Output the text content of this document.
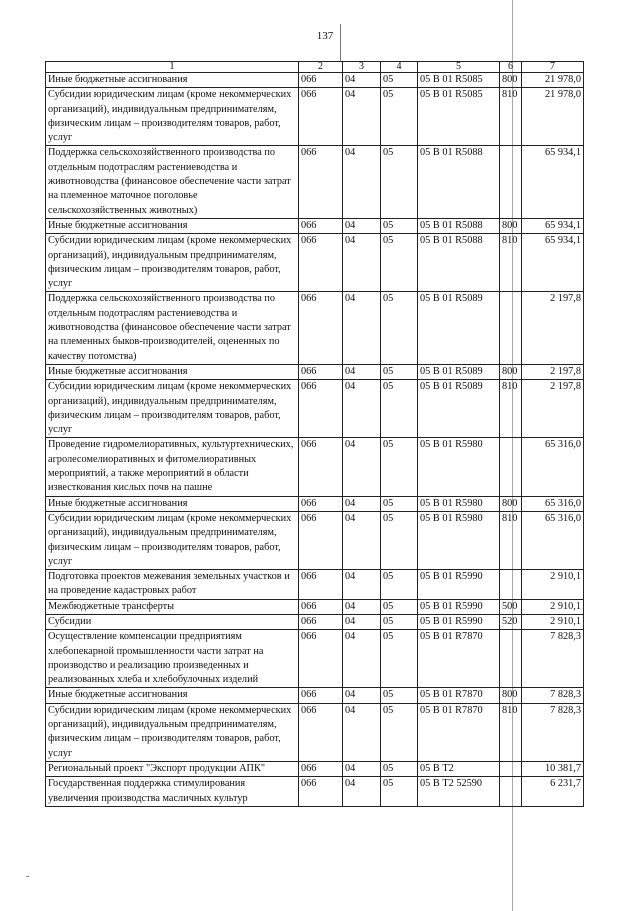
137
1	2	3	4	5	6	7
Иные бюджетные ассигнования	066	04	05	05 В 01 R5085	800	21 978,0
Субсидии юридическим лицам (кроме некоммерческих организаций), индивидуальным предпринимателям, физическим лицам – производителям товаров, работ, услуг	066	04	05	05 В 01 R5085	810	21 978,0
Поддержка сельскохозяйственного производства по отдельным подотраслям растениеводства и животноводства (финансовое обеспечение части затрат на племенное маточное поголовье сельскохозяйственных животных)	066	04	05	05 В 01 R5088		65 934,1
Иные бюджетные ассигнования	066	04	05	05 В 01 R5088	800	65 934,1
Субсидии юридическим лицам (кроме некоммерческих организаций), индивидуальным предпринимателям, физическим лицам – производителям товаров, работ, услуг	066	04	05	05 В 01 R5088	810	65 934,1
Поддержка сельскохозяйственного производства по отдельным подотраслям растениеводства и животноводства (финансовое обеспечение части затрат на племенных быков-производителей, оцененных по качеству потомства)	066	04	05	05 В 01 R5089		2 197,8
Иные бюджетные ассигнования	066	04	05	05 В 01 R5089	800	2 197,8
Субсидии юридическим лицам (кроме некоммерческих организаций), индивидуальным предпринимателям, физическим лицам – производителям товаров, работ, услуг	066	04	05	05 В 01 R5089	810	2 197,8
Проведение гидромелиоративных, культуртехнических, агролесомелиоративных и фитомелиоративных мероприятий, а также мероприятий в области известкования кислых почв на пашне	066	04	05	05 В 01 R5980		65 316,0
Иные бюджетные ассигнования	066	04	05	05 В 01 R5980	800	65 316,0
Субсидии юридическим лицам (кроме некоммерческих организаций), индивидуальным предпринимателям, физическим лицам – производителям товаров, работ, услуг	066	04	05	05 В 01 R5980	810	65 316,0
Подготовка проектов межевания земельных участков и на проведение кадастровых работ	066	04	05	05 В 01 R5990		2 910,1
Межбюджетные трансферты	066	04	05	05 В 01 R5990	500	2 910,1
Субсидии	066	04	05	05 В 01 R5990	520	2 910,1
Осуществление компенсации предприятиям хлебопекарной промышленности части затрат на производство и реализацию произведенных и реализованных хлеба и хлебобулочных изделий	066	04	05	05 В 01 R7870		7 828,3
Иные бюджетные ассигнования	066	04	05	05 В 01 R7870	800	7 828,3
Субсидии юридическим лицам (кроме некоммерческих организаций), индивидуальным предпринимателям, физическим лицам – производителям товаров, работ, услуг	066	04	05	05 В 01 R7870	810	7 828,3
Региональный проект "Экспорт продукции АПК"	066	04	05	05 В Т2		10 381,7
Государственная поддержка стимулирования увеличения производства масличных культур	066	04	05	05 В Т2 52590		6 231,7
